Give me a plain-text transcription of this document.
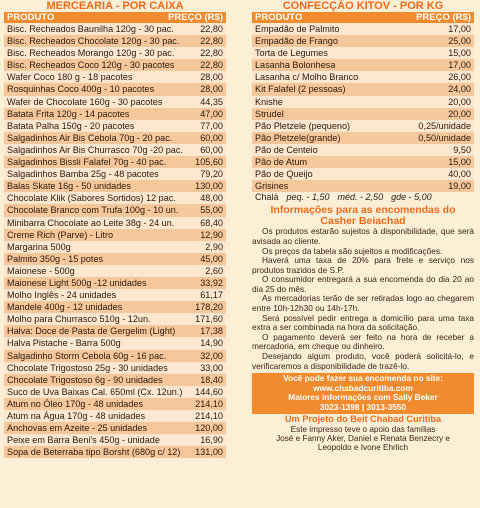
MERCEARIA - POR CAIXA
PRODUTO	PREÇO (R$)
Bisc. Recheados Baunilha 120g - 30 pac.	22,80
Bisc. Recheados Chocolate 120g - 30 pac. 22,80
Bisc. Recheados Morango 120g - 30 pac.	22,80
Bisc. Recheados Coco 120g - 30 pacotes	22,80
Wafer Coco 180 g - 18 pacotes	28,00
Rosquinhas Coco 400g - 10 pacotes	28,00
Wafer de Chocolate 160g - 30 pacotes	44,35
Batata Frita 120g - 14 pacotes	47,00
Batata Palha 150g - 20 pacotes	77,00
Salgadinhos Air Bis Cebola 70g - 20 pac.	60,00
Salgadinhos Air Bis Churrasco 70g -20 pac. 60,00
Salgadinhos Bissli Falafel 70g - 40 pac.	105,60
Salgadinhos Bamba 25g - 48 pacotes	79,20
Balas Skate 16g - 50 unidades	130,00
Chocolate Klik (Sabores Sortidos) 12 pac.	48,00
Chocolate Branco com Trufa 100g - 10 un. 55,00
Minibarra Chocolate ao Leite 38g - 24 un.	68,40
Creme Rich (Parve) - Litro	12,90
Margarina 500g	2,90
Palmito 350g - 15 potes	45,00
Maionese - 500g	2,60
Maionese Light 500g -12 unidades	33,92
Molho Inglês - 24 unidades	61,17
Mandele 400g - 12 unidades	178,20
Molho para Churrasco 510g - 12un.	171,60
Halva: Doce de Pasta de Gergelim (Light)	17,38
Halva Pistache - Barra 500g	14,90
Salgadinho Storm Cebola 60g - 16 pac.	32,00
Chocolate Trigostoso 25g - 30 unidades	33,00
Chocolate Trigostoso 6g - 90 unidades	18,40
Suco de Uva Baixas Cal. 650ml (Cx. 12un.) 144,60
Atum no Óleo 170g - 48 unidades	214,10
Atum na Água 170g - 48 unidades	214,10
Anchovas em Azeite - 25 unidades	120,00
Peixe em Barra Beni's 450g - unidade	16,90
Sopa de Beterraba tipo Borsht (680g c/ 12) 131,00
CONFECÇÃO KITOV - POR KG
PRODUTO	PREÇO (R$)
Empadão de Palmito	17,00
Empadão de Frango	25,00
Torta de Legumes	15,00
Lasanha Bolonhesa	17,00
Lasanha c/ Molho Branco	26,00
Kit Falafel (2 pessoas)	24,00
Knishe	20,00
Strudel	20,00
Pão Pletzele (pequeno)	0,25/unidade
Pão Pletzele(grande)	0,50/unidade
Pão de Centeio	9,50
Pão de Atum	15,00
Pão de Queijo	40,00
Grisines	19,00
Chalá peq. - 1,50 méd. - 2,50 gde - 5,00
Informações para as encomendas do Casher Beiachad

Os produtos estarão sujeitos à disponibilidade, que será avisada ao cliente.

Os preços da tabela são sujeitos a modificações.

Haverá uma taxa de 20% para frete e serviço nos produtos trazidos de S.P.

O consumidor entregará a sua encomenda do dia 20 ao dia 25 do mês.

As mercadorias terão de ser retiradas logo ao chegarem entre 10h-12h30 ou 14h-17h.

Será possível pedir entrega a domicílio para uma taxa extra a ser combinada na hora da solicitação.

O pagamento deverá ser feito na hora de receber a mercadoria, em cheque ou dinheiro.

Desejando algum produto, você poderá solicitá-lo, e verificaremos a disponibilidade de trazê-lo.

Você pode fazer sua encomenda no site:
www.chabadcuritiba.com
Maiores informações com Sally Beker
3023-1398 | 3013-3550
Um Projeto do Beit Chabad Curitiba
Este impresso teve o apoio das famílias
José e Fanny Aker, Daniel e Renata Benzecry e
Leopoldo e Ivone Ehrlich
